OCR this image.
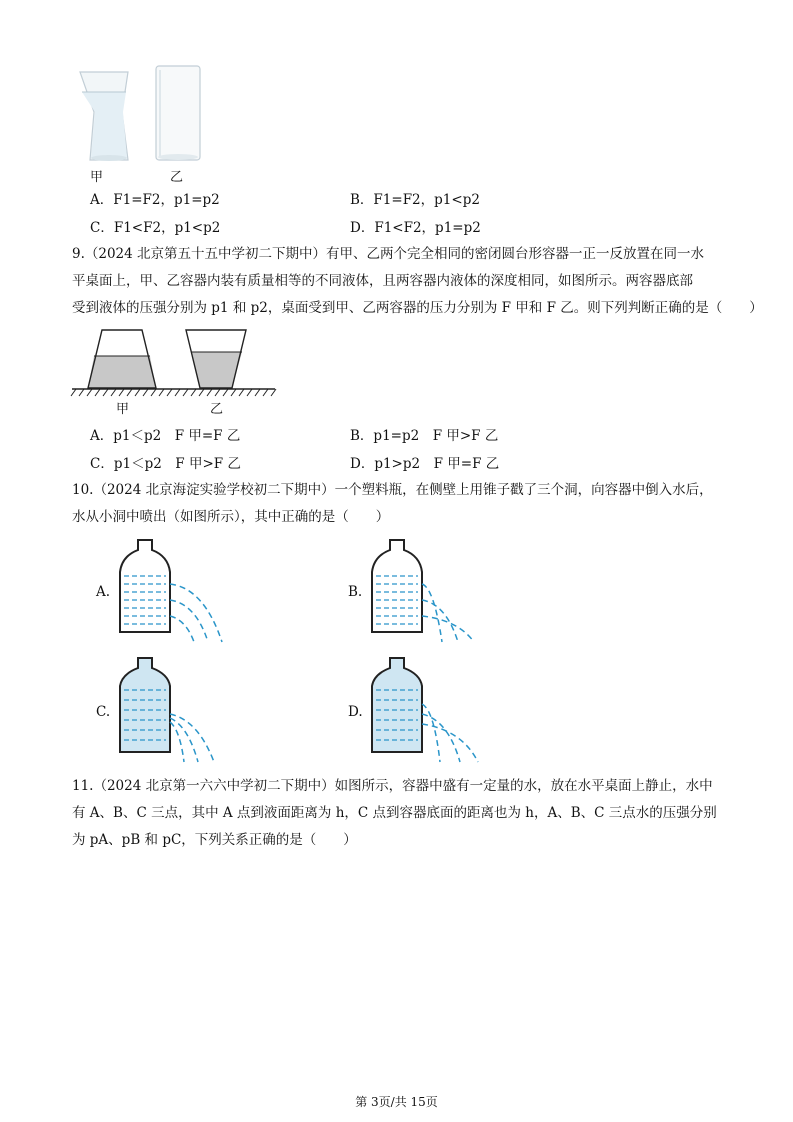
甲	乙
A．F1=F2，p1=p2	B．F1=F2，p1<p2
C．F1<F2，p1<p2	D．F1<F2，p1=p2
9.（2024 北京第五十五中学初二下期中）有甲、乙两个完全相同的密闭圆台形容器一正一反放置在同一水
平桌面上，甲、乙容器内装有质量相等的不同液体，且两容器内液体的深度相同，如图所示。两容器底部
受到液体的压强分别为 p1 和 p2，桌面受到甲、乙两容器的压力分别为 F 甲和 F 乙。则下列判断正确的是（　　）
甲	乙
A．p1＜p2　F 甲=F 乙	B．p1=p2　F 甲>F 乙
C．p1＜p2　F 甲>F 乙	D．p1>p2　F 甲=F 乙
10.（2024 北京海淀实验学校初二下期中）一个塑料瓶，在侧壁上用锥子戳了三个洞，向容器中倒入水后，
水从小洞中喷出（如图所示），其中正确的是（　　）
A.	B.
C.	D.
11.（2024 北京第一六六中学初二下期中）如图所示，容器中盛有一定量的水，放在水平桌面上静止，水中
有 A、B、C 三点，其中 A 点到液面距离为 h，C 点到容器底面的距离也为 h，A、B、C 三点水的压强分别
为 pA、pB 和 pC，下列关系正确的是（　　）
第 3页/共 15页
